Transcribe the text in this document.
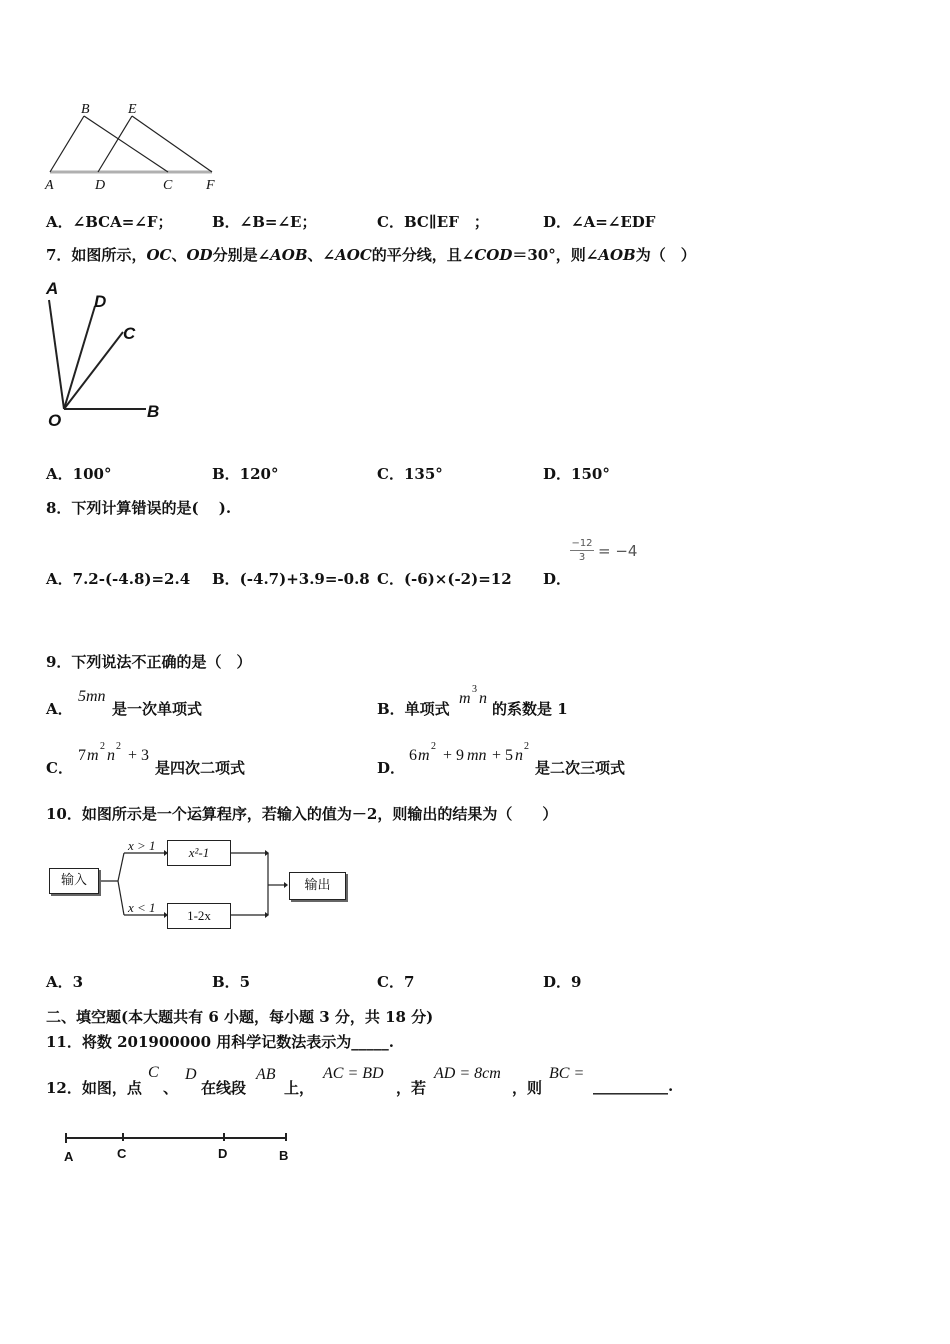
B	E
A	D	C F
A．∠BCA=∠F；	B．∠B=∠E；	C．BC∥EF　；	D．∠A=∠EDF
7．如图所示，OC、OD分别是∠AOB、∠AOC的平分线，且∠COD＝30°，则∠AOB为（　）
A
D
C
O	B
A．100°	B．120°	C．135°	D．150°
8．下列计算错误的是(　 ).
A．7.2-(-4.8)=2.4 B．(-4.7)+3.9=-0.8 C．(-6)×(-2)=12 D．
−12
3 = −4
9．下列说法不正确的是（　）
A．
5mn
是一次单项式	B．单项式
m
3
n
的系数是 1
C．
7 m
2
n
2
+ 3
是四次二项式	D．
6 m
2
+ 9 mn + 5 n
2
是二次三项式
10．如图所示是一个运算程序，若输入的值为－2，则输出的结果为（　　）
输入	输出
x²-1
1-2x
x > 1
x < 1
A．3	B．5	C．7	D．9
二、填空题(本大题共有 6 小题，每小题 3 分，共 18 分)
11．将数 201900000 用科学记数法表示为_____.
12．如图，点
C
、
D
在线段
AB
上，
AC = BD
，若
AD = 8cm
，则
BC =
__________.
A	C	D	B
